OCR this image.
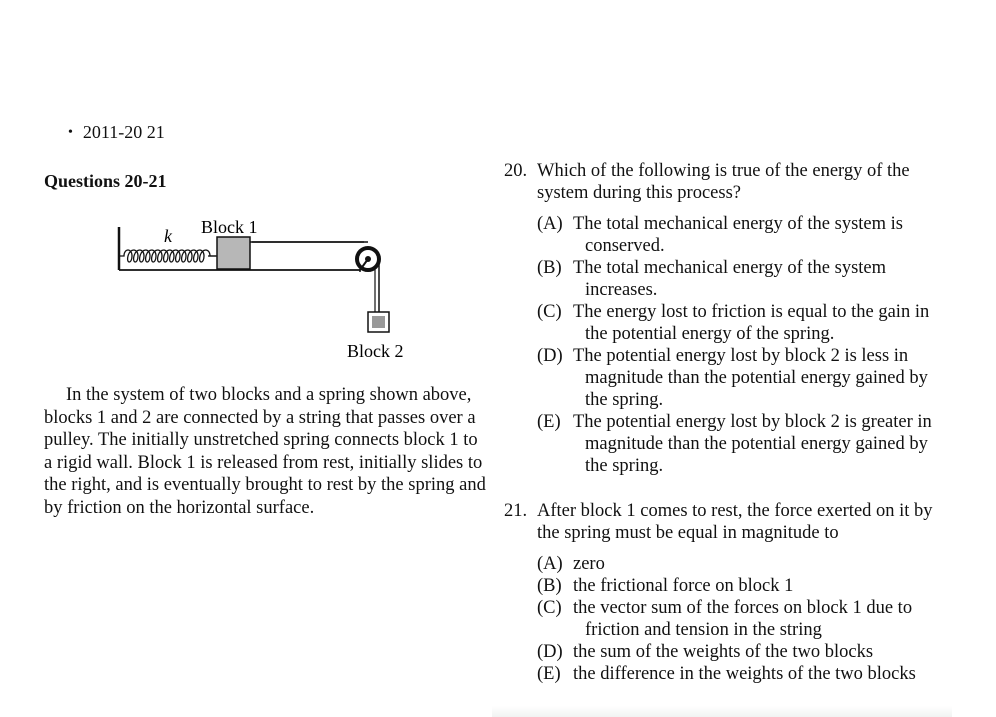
• 2011-20 21
Questions 20-21
k Block 1
Block 2
In the system of two blocks and a spring shown above, blocks 1 and 2 are connected by a string that passes over a pulley. The initially unstretched spring connects block 1 to a rigid wall. Block 1 is released from rest, initially slides to the right, and is eventually brought to rest by the spring and by friction on the horizontal surface.
20. Which of the following is true of the energy of the system during this process?
(A) The total mechanical energy of the system is conserved.
(B) The total mechanical energy of the system increases.
(C) The energy lost to friction is equal to the gain in the potential energy of the spring.
(D) The potential energy lost by block 2 is less in magnitude than the potential energy gained by the spring.
(E) The potential energy lost by block 2 is greater in magnitude than the potential energy gained by the spring.
21. After block 1 comes to rest, the force exerted on it by the spring must be equal in magnitude to
(A) zero
(B) the frictional force on block 1
(C) the vector sum of the forces on block 1 due to friction and tension in the string
(D) the sum of the weights of the two blocks
(E) the difference in the weights of the two blocks
